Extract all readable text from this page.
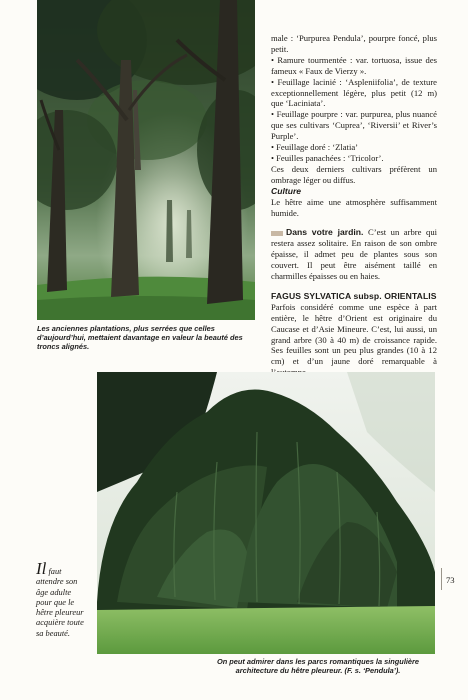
Les anciennes plantations, plus serrées que celles d’aujourd’hui, mettaient davantage en valeur la beauté des troncs alignés.

male : ‘Purpurea Pendula’, pourpre foncé, plus petit.

• Ramure tourmentée : var. tortuosa, issue des fameux « Faux de Vierzy ».

• Feuillage lacinié : ‘Aspleniifolia’, de texture exceptionnellement légère, plus petit (12 m) que ‘Laciniata’.

• Feuillage pourpre : var. purpurea, plus nuancé que ses cultivars ‘Cuprea’, ‘Riversii’ et River’s Purple’.

• Feuillage doré : ‘Zlatia’

• Feuilles panachées : ‘Tricolor’.

Ces deux derniers cultivars préfèrent un ombrage léger ou diffus.

Culture

Le hêtre aime une atmosphère suffisamment humide.

Dans votre jardin. C’est un arbre qui restera assez solitaire. En raison de son ombre épaisse, il admet peu de plantes sous son couvert. Il peut être aisément taillé en charmilles épaisses ou en haies.

FAGUS SYLVATICA subsp. ORIENTALIS

Parfois considéré comme une espèce à part entière, le hêtre d’Orient est originaire du Caucase et d’Asie Mineure. C’est, lui aussi, un grand arbre (30 à 40 m) de croissance rapide. Ses feuilles sont un peu plus grandes (10 à 12 cm) et d’un jaune doré remarquable à

On peut admirer dans les parcs romantiques la singulière architecture du hêtre pleureur. (F. s. ‘Pendula’).
Il faut attendre son âge adulte pour que le hêtre pleureur acquière toute sa beauté.
73
